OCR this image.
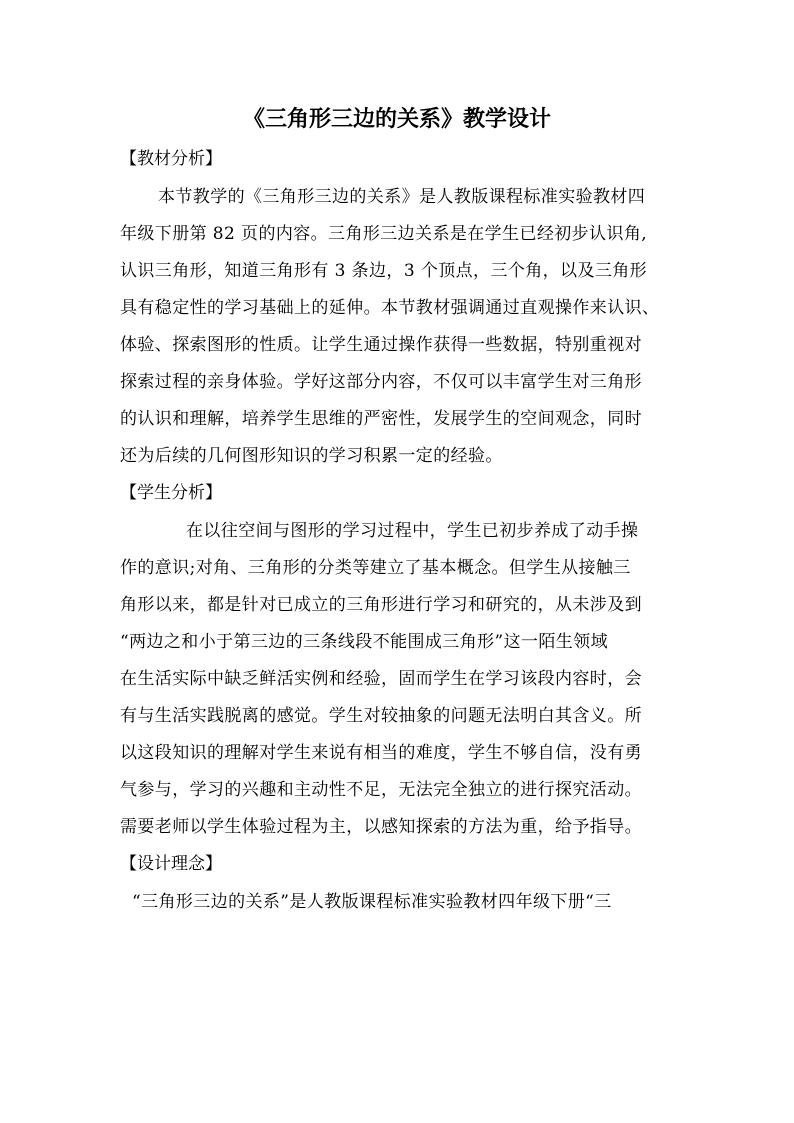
《三角形三边的关系》教学设计
【教材分析】
本节教学的《三角形三边的关系》是人教版课程标准实验教材四
年级下册第 82 页的内容。三角形三边关系是在学生已经初步认识角,
认识三角形，知道三角形有 3 条边，3 个顶点，三个角，以及三角形
具有稳定性的学习基础上的延伸。本节教材强调通过直观操作来认识、
体验、探索图形的性质。让学生通过操作获得一些数据，特别重视对
探索过程的亲身体验。学好这部分内容，不仅可以丰富学生对三角形
的认识和理解，培养学生思维的严密性，发展学生的空间观念，同时
还为后续的几何图形知识的学习积累一定的经验。
【学生分析】
在以往空间与图形的学习过程中，学生已初步养成了动手操
作的意识;对角、三角形的分类等建立了基本概念。但学生从接触三
角形以来，都是针对已成立的三角形进行学习和研究的，从未涉及到
“两边之和小于第三边的三条线段不能围成三角形”这一陌生领域
在生活实际中缺乏鲜活实例和经验，固而学生在学习该段内容时，会
有与生活实践脱离的感觉。学生对较抽象的问题无法明白其含义。所
以这段知识的理解对学生来说有相当的难度，学生不够自信，没有勇
气参与，学习的兴趣和主动性不足，无法完全独立的进行探究活动。
需要老师以学生体验过程为主，以感知探索的方法为重，给予指导。
【设计理念】
“三角形三边的关系”是人教版课程标准实验教材四年级下册“三
